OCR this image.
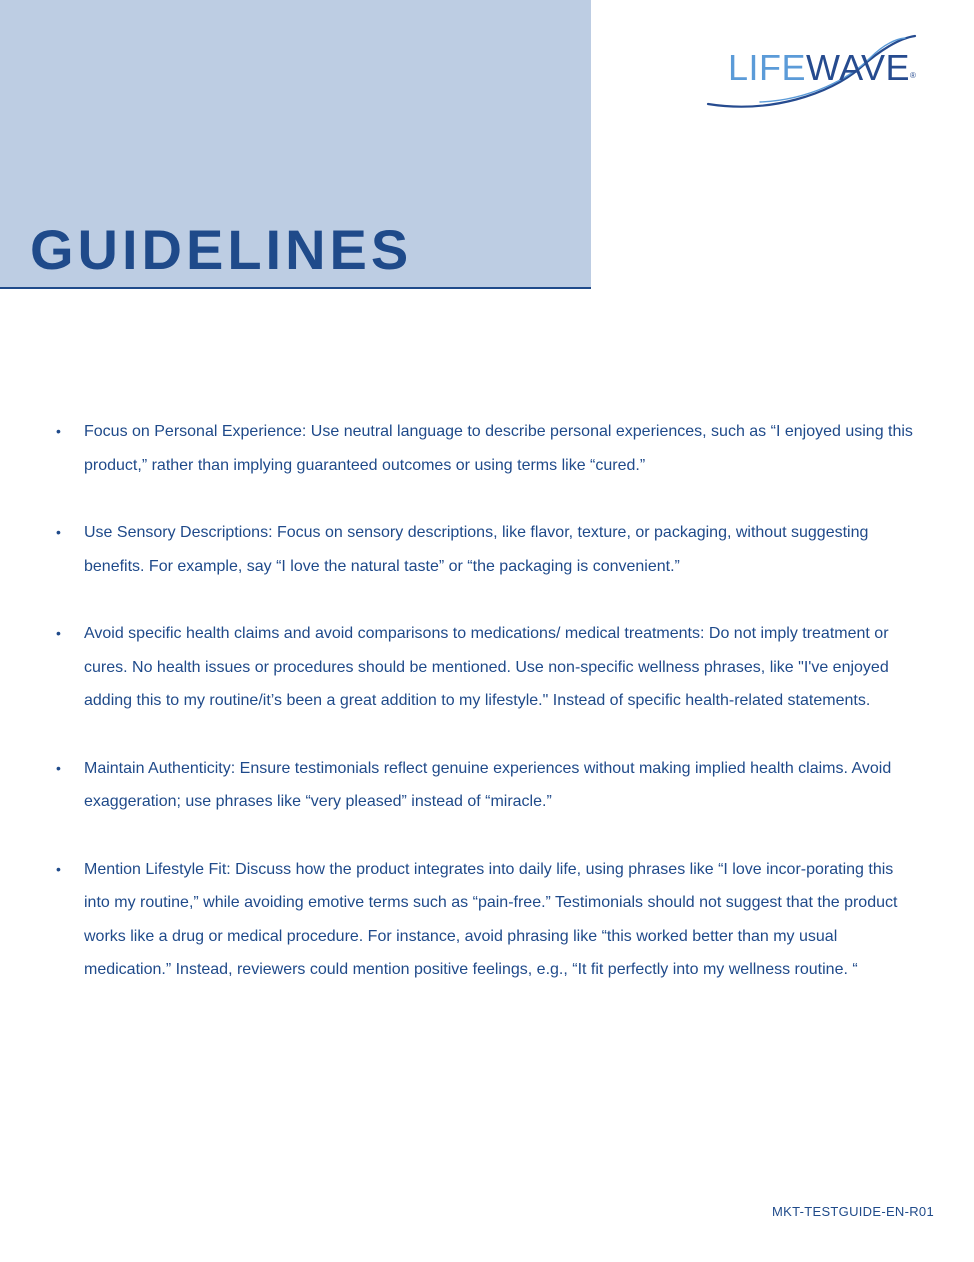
GUIDELINES
LIFEWAVE®
• Focus on Personal Experience: Use neutral language to describe personal experiences, such as “I enjoyed using this product,” rather than implying guaranteed outcomes or using terms like “cured.”
• Use Sensory Descriptions: Focus on sensory descriptions, like flavor, texture, or packaging, without suggesting benefits. For example, say “I love the natural taste” or “the packaging is convenient.”
• Avoid specific health claims and avoid comparisons to medications/ medical treatments: Do not imply treatment or cures. No health issues or procedures should be mentioned. Use non-specific wellness phrases, like "I've enjoyed adding this to my routine/it’s been a great addition to my lifestyle." Instead of specific health-related statements.
• Maintain Authenticity: Ensure testimonials reflect genuine experiences without making implied health claims. Avoid exaggeration; use phrases like “very pleased” instead of “miracle.”
• Mention Lifestyle Fit: Discuss how the product integrates into daily life, using phrases like “I love incor-porating this into my routine,” while avoiding emotive terms such as “pain-free.” Testimonials should not suggest that the product works like a drug or medical procedure. For instance, avoid phrasing like “this worked better than my usual medication.” Instead, reviewers could mention positive feelings, e.g., “It fit perfectly into my wellness routine. “
MKT-TESTGUIDE-EN-R01
